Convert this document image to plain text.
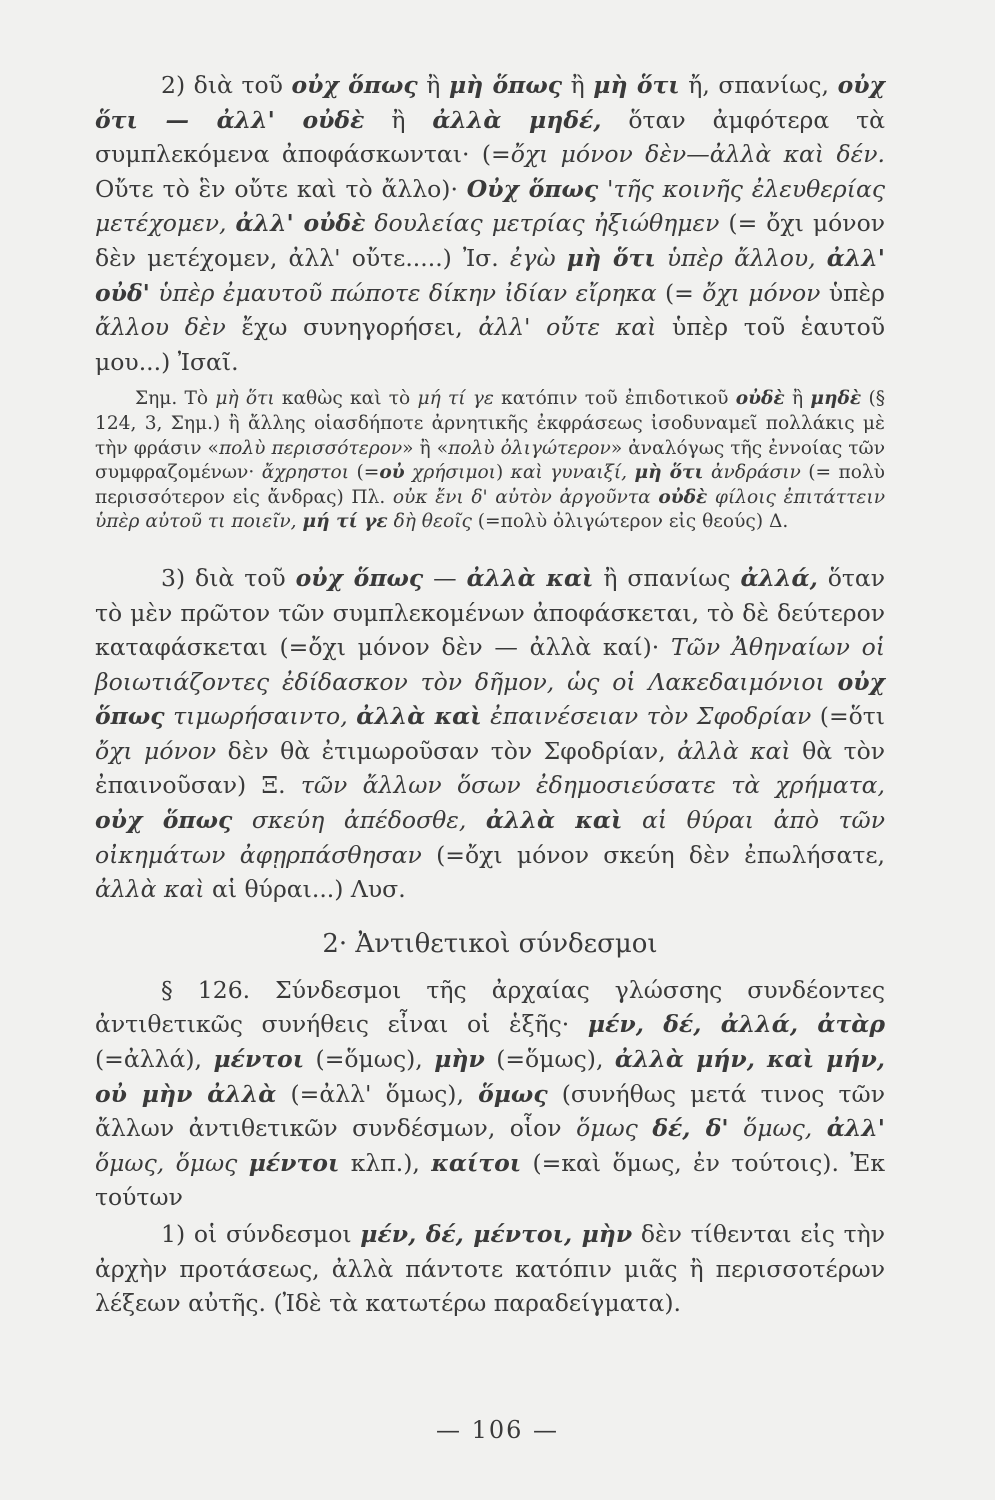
2) διὰ τοῦ οὐχ ὅπως ἢ μὴ ὅπως ἢ μὴ ὅτι ἤ, σπανίως, οὐχ ὅτι — ἀλλ' οὐδὲ ἢ ἀλλὰ μηδέ, ὅταν ἀμφότερα τὰ συμπλεκόμενα ἀποφάσκωνται· (=ὄχι μόνον δὲν—ἀλλὰ καὶ δέν. Οὔτε τὸ ἓν οὔτε καὶ τὸ ἄλλο)· Οὐχ ὅπως 'τῆς κοινῆς ἐλευθερίας μετέχομεν, ἀλλ' οὐδὲ δουλείας μετρίας ἠξιώθημεν (= ὄχι μόνον δὲν μετέχομεν, ἀλλ' οὔτε.....) Ἰσ. ἐγὼ μὴ ὅτι ὑπὲρ ἄλλου, ἀλλ' οὐδ' ὑπὲρ ἐμαυτοῦ πώποτε δίκην ἰδίαν εἴρηκα (= ὄχι μόνον ὑπὲρ ἄλλου δὲν ἔχω συνηγορήσει, ἀλλ' οὔτε καὶ ὑπὲρ τοῦ ἑαυτοῦ μου...) Ἰσαῖ.

Σημ. Τὸ μὴ ὅτι καθὼς καὶ τὸ μή τί γε κατόπιν τοῦ ἐπιδοτικοῦ οὐδὲ ἢ μηδὲ (§ 124, 3, Σημ.) ἢ ἄλλης οἱασδήποτε ἀρνητικῆς ἐκφράσεως ἰσοδυναμεῖ πολλάκις μὲ τὴν φράσιν «πολὺ περισσότερον» ἢ «πολὺ ὀλιγώτερον» ἀναλόγως τῆς ἐννοίας τῶν συμφραζομένων· ἄχρηστοι (=οὐ χρήσιμοι) καὶ γυναιξί, μὴ ὅτι ἀνδράσιν (= πολὺ περισσότερον εἰς ἄνδρας) Πλ. οὐκ ἔνι δ' αὐτὸν ἀργοῦντα οὐδὲ φίλοις ἐπιτάττειν ὑπὲρ αὐτοῦ τι ποιεῖν, μή τί γε δὴ θεοῖς (=πολὺ ὀλιγώτερον εἰς θεούς) Δ.

3) διὰ τοῦ οὐχ ὅπως — ἀλλὰ καὶ ἢ σπανίως ἀλλά, ὅταν τὸ μὲν πρῶτον τῶν συμπλεκομένων ἀποφάσκεται, τὸ δὲ δεύτερον καταφάσκεται (=ὄχι μόνον δὲν — ἀλλὰ καί)· Τῶν Ἀθηναίων οἱ βοιωτιάζοντες ἐδίδασκον τὸν δῆμον, ὡς οἱ Λακεδαιμόνιοι οὐχ ὅπως τιμωρήσαιντο, ἀλλὰ καὶ ἐπαινέσειαν τὸν Σφοδρίαν (=ὅτι ὄχι μόνον δὲν θὰ ἐτιμωροῦσαν τὸν Σφοδρίαν, ἀλλὰ καὶ θὰ τὸν ἐπαινοῦσαν) Ξ. τῶν ἄλλων ὅσων ἐδημοσιεύσατε τὰ χρήματα, οὐχ ὅπως σκεύη ἀπέδοσθε, ἀλλὰ καὶ αἱ θύραι ἀπὸ τῶν οἰκημάτων ἀφῃρπάσθησαν (=ὄχι μόνον σκεύη δὲν ἐπωλήσατε, ἀλλὰ καὶ αἱ θύραι...) Λυσ.

2· Ἀντιθετικοὶ σύνδεσμοι

§ 126. Σύνδεσμοι τῆς ἀρχαίας γλώσσης συνδέοντες ἀντιθετικῶς συνήθεις εἶναι οἱ ἑξῆς· μέν, δέ, ἀλλά, ἀτὰρ (=ἀλλά), μέντοι (=ὅμως), μὴν (=ὅμως), ἀλλὰ μήν, καὶ μήν, οὐ μὴν ἀλλὰ (=ἀλλ' ὅμως), ὅμως (συνήθως μετά τινος τῶν ἄλλων ἀντιθετικῶν συνδέσμων, οἷον ὅμως δέ, δ' ὅμως, ἀλλ' ὅμως, ὅμως μέντοι κλπ.), καίτοι (=καὶ ὅμως, ἐν τούτοις). Ἐκ τούτων

1) οἱ σύνδεσμοι μέν, δέ, μέντοι, μὴν δὲν τίθενται εἰς τὴν ἀρχὴν προτάσεως, ἀλλὰ πάντοτε κατόπιν μιᾶς ἢ περισσοτέρων λέξεων αὐτῆς. (Ἰδὲ τὰ κατωτέρω παραδείγματα).

— 106 —
